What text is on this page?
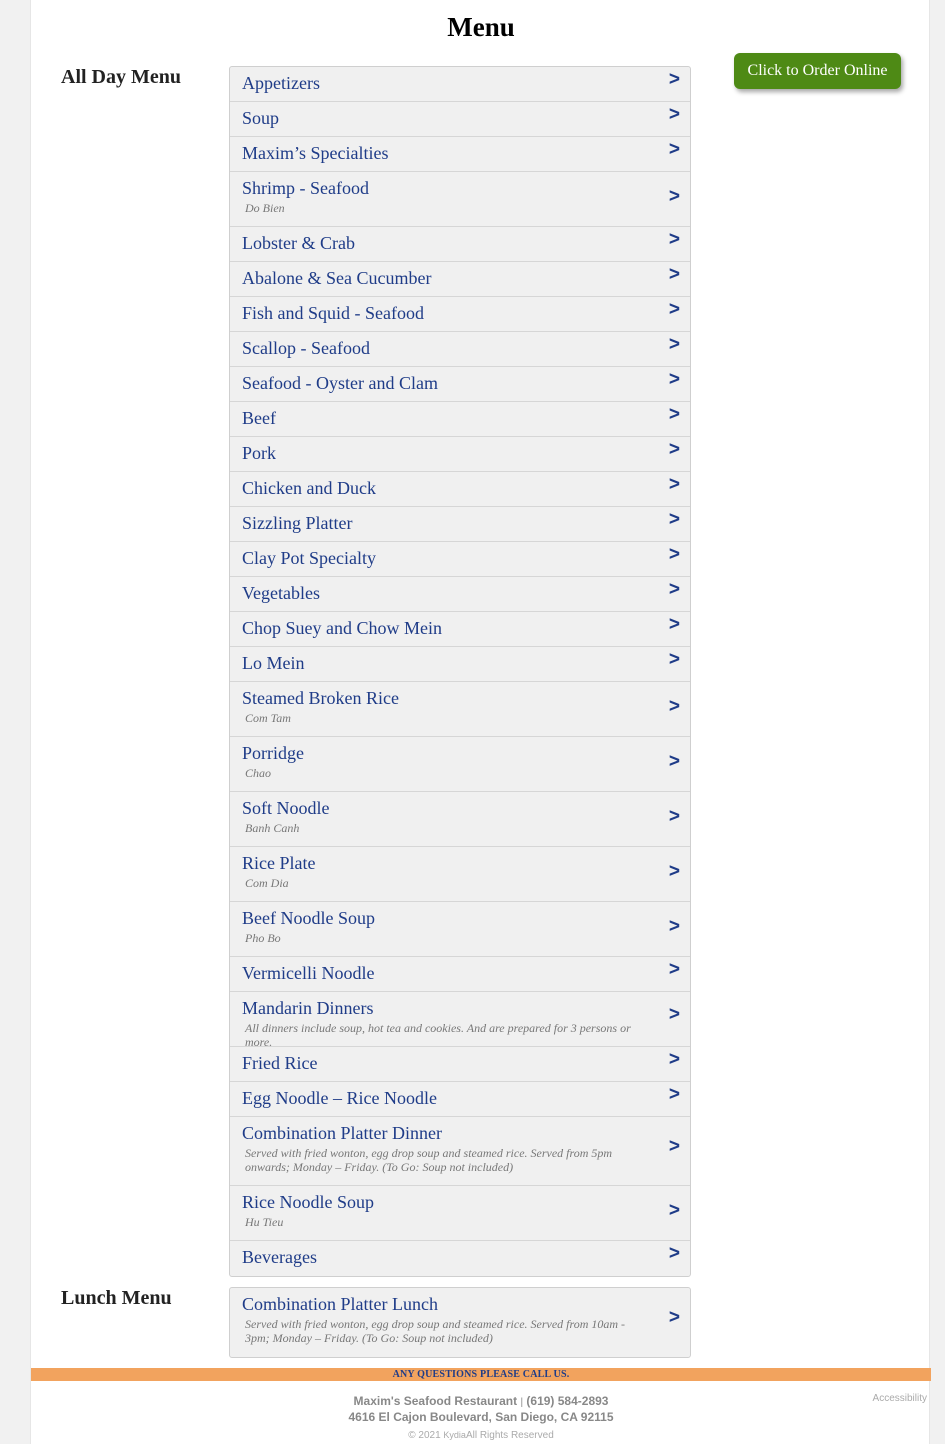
Menu
All Day Menu	Click to Order Online
Appetizers	>
Soup	>
Maxim’s Specialties	>
Shrimp - Seafood
Do Bien
>
Lobster & Crab	>
Abalone & Sea Cucumber	>
Fish and Squid - Seafood	>
Scallop - Seafood	>
Seafood - Oyster and Clam	>
Beef	>
Pork	>
Chicken and Duck	>
Sizzling Platter	>
Clay Pot Specialty	>
Vegetables	>
Chop Suey and Chow Mein	>
Lo Mein	>
Steamed Broken Rice
Com Tam
>
Porridge
Chao
>
Soft Noodle
Banh Canh
>
Rice Plate
Com Dia
>
Beef Noodle Soup
Pho Bo
>
Vermicelli Noodle	>
Mandarin Dinners
All dinners include soup, hot tea and cookies. And are prepared for 3 persons or more.
>
Fried Rice	>
Egg Noodle – Rice Noodle	>
Combination Platter Dinner
Served with fried wonton, egg drop soup and steamed rice. Served from 5pm onwards; Monday – Friday. (To Go: Soup not included)
>
Rice Noodle Soup
Hu Tieu
>
Beverages	>
Lunch Menu	Combination Platter Lunch
Served with fried wonton, egg drop soup and steamed rice. Served from 10am - 3pm; Monday – Friday. (To Go: Soup not included)
>
ANY QUESTIONS PLEASE CALL US.
Maxim's Seafood Restaurant | (619) 584-2893
4616 El Cajon Boulevard, San Diego, CA 92115
© 2021 KydiaAll Rights Reserved
Accessibility
